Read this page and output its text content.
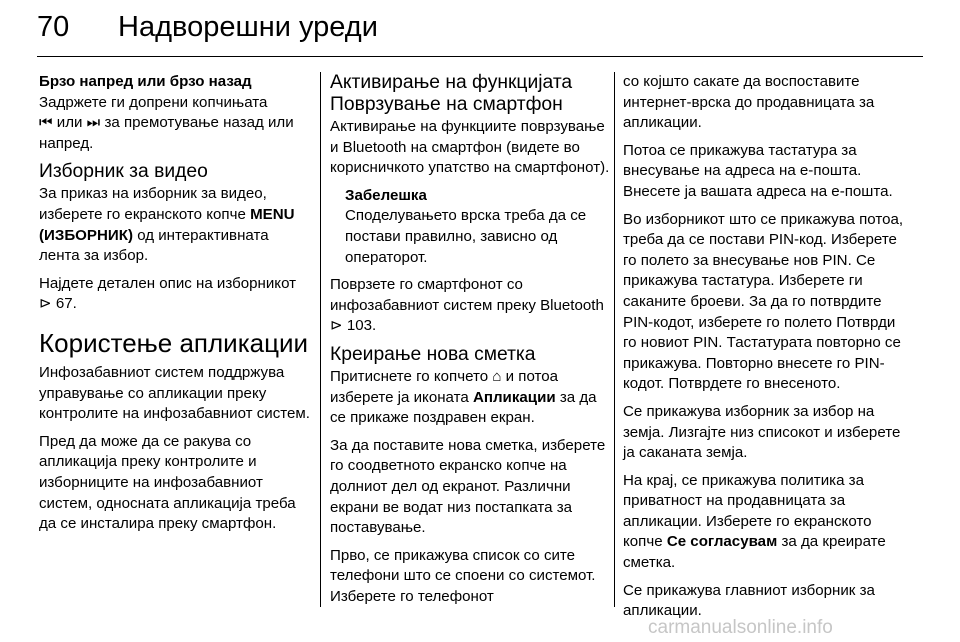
70 Надворешни уреди

Брзо напред или брзо назад

Задржете ги допрени копчињата
⏮ или ⏭ за премотување назад или напред.

Изборник за видео

За приказ на изборник за видео, изберете го екранското копче MENU (ИЗБОРНИК) од интерактивната лента за избор.

Најдете детален опис на изборникот ⊳ 67.

Користење апликации

Инфозабавниот систем поддржува управување со апликации преку контролите на инфозабавниот систем.

Пред да може да се ракува со апликација преку контролите и изборниците на инфозабавниот систем, односната апликација треба да се инсталира преку смартфон.

Активирање на функцијата Поврзување на смартфон

Активирање на функциите поврзување и Bluetooth на смартфон (видете во корисничкото упатство на смартфонот).

Забелешка

Споделувањето врска треба да се постави правилно, зависно од операторот.

Поврзете го смартфонот со инфозабавниот систем преку Bluetooth ⊳ 103.

Креирање нова сметка

Притиснете го копчето ⌂ и потоа изберете ја иконата Апликации за да се прикаже поздравен екран.

За да поставите нова сметка, изберете го соодветното екранско копче на долниот дел од екранот. Различни екрани ве водат низ постапката за поставување.

Прво, се прикажува список со сите телефони што се споени со системот. Изберете го телефонот

со којшто сакате да воспоставите интернет-врска до продавницата за апликации.

Потоа се прикажува тастатура за внесување на адреса на е-пошта. Внесете ја вашата адреса на е-пошта.

Во изборникот што се прикажува потоа, треба да се постави PIN-код. Изберете го полето за внесување нов PIN. Се прикажува тастатура. Изберете ги саканите броеви. За да го потврдите PIN-кодот, изберете го полето Потврди го новиот PIN. Тастатурата повторно се прикажува. Повторно внесете го PIN-кодот. Потврдете го внесеното.

Се прикажува изборник за избор на земја. Лизгајте низ списокот и изберете ја саканата земја.

На крај, се прикажува политика за приватност на продавницата за апликации. Изберете го екранското копче Се согласувам за да креирате сметка.

Се прикажува главниот изборник за апликации.

carmanualsonline.info
